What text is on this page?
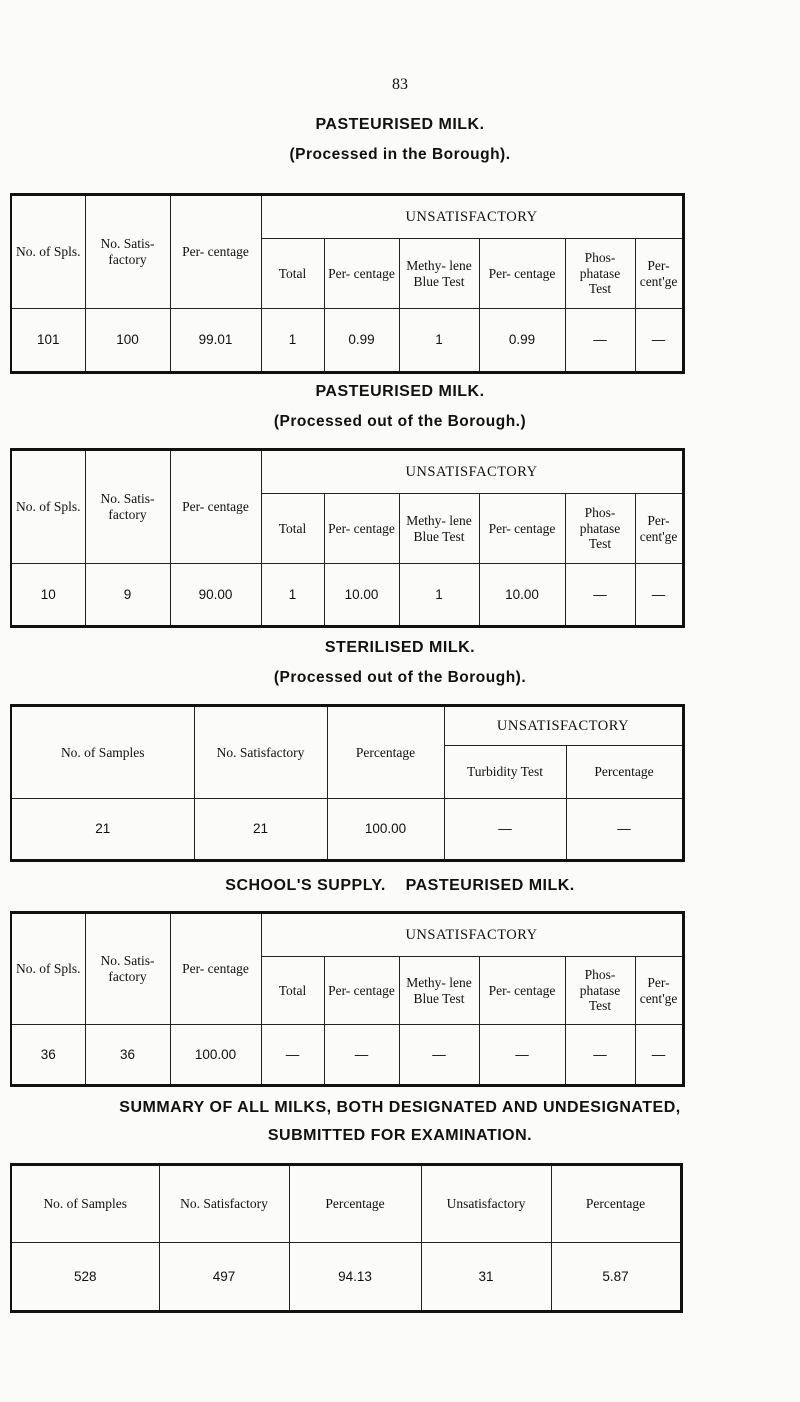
83
PASTEURISED MILK.
(Processed in the Borough).
No. of Spls.	No. Satis- factory	Per- centage	UNSATISFACTORY					
			Total	Per- centage	Methy- lene Blue Test	Per- centage	Phos- phatase Test	Per- cent'ge
101	100	99.01	1	0.99	1	0.99	—	—
PASTEURISED MILK.
(Processed out of the Borough.)
No. of Spls.	No. Satis- factory	Per- centage	UNSATISFACTORY					
			Total	Per- centage	Methy- lene Blue Test	Per- centage	Phos- phatase Test	Per- cent'ge
10	9	90.00	1	10.00	1	10.00	—	—
STERILISED MILK.
(Processed out of the Borough).
No. of Samples	No. Satisfactory	Percentage	UNSATISFACTORY	
			Turbidity Test	Percentage
21	21	100.00	—	—
SCHOOL'S SUPPLY.    PASTEURISED MILK.
No. of Spls.	No. Satis- factory	Per- centage	UNSATISFACTORY					
			Total	Per- centage	Methy- lene Blue Test	Per- centage	Phos- phatase Test	Per- cent'ge
36	36	100.00	—	—	—	—	—	—
SUMMARY OF ALL MILKS, BOTH DESIGNATED AND UNDESIGNATED,
SUBMITTED FOR EXAMINATION.
No. of Samples	No. Satisfactory	Percentage	Unsatisfactory	Percentage
528	497	94.13	31	5.87
